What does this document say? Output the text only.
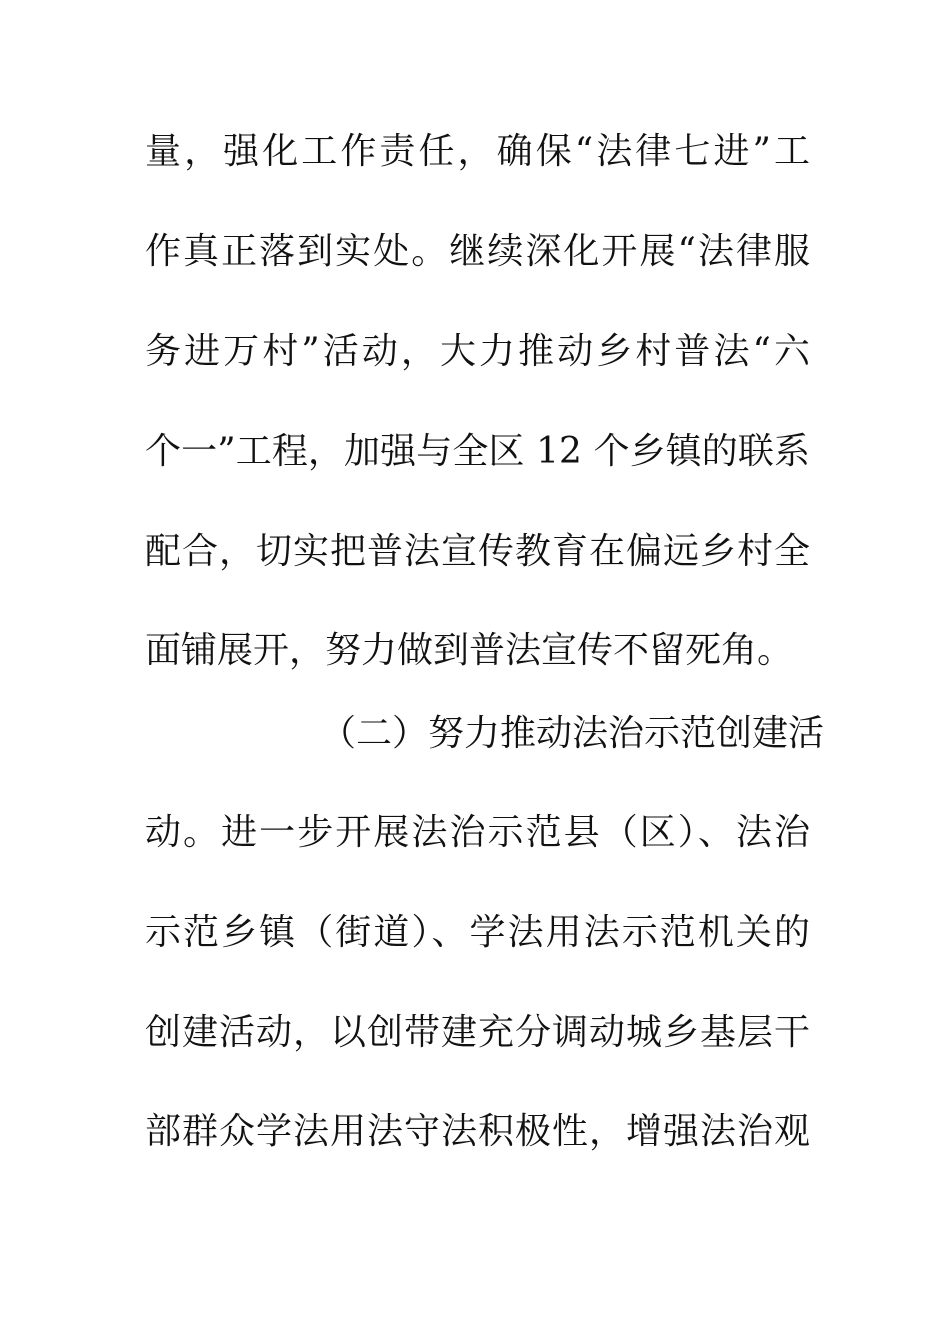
量，强化工作责任，确保“法律七进”工
作真正落到实处。继续深化开展“法律服
务进万村”活动，大力推动乡村普法“六
个一”工程，加强与全区 12 个乡镇的联系
配合，切实把普法宣传教育在偏远乡村全
面铺展开，努力做到普法宣传不留死角。
（二）努力推动法治示范创建活
动。进一步开展法治示范县（区）、法治
示范乡镇（街道）、学法用法示范机关的
创建活动，以创带建充分调动城乡基层干
部群众学法用法守法积极性，增强法治观
